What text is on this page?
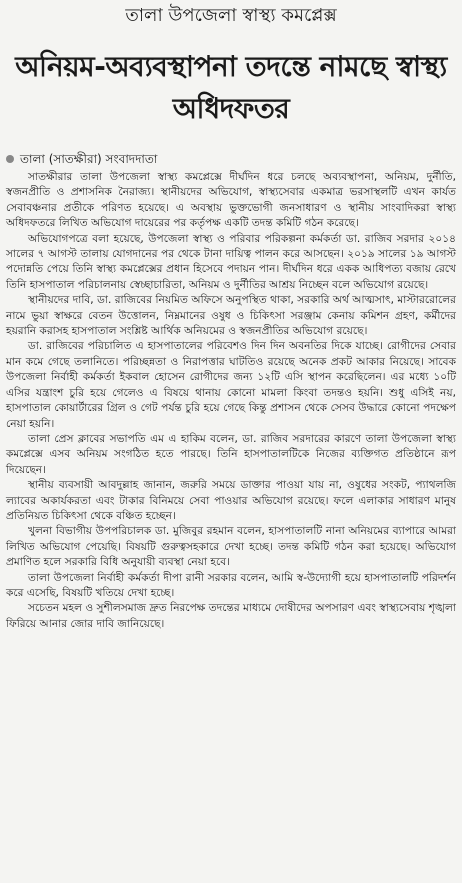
তালা উপজেলা স্বাস্থ্য কমপ্লেক্স
অনিয়ম-অব্যবস্থাপনা তদন্তে নামছে স্বাস্থ্য অধিদফতর
তালা (সাতক্ষীরা) সংবাদদাতা

সাতক্ষীরার তালা উপজেলা স্বাস্থ্য কমপ্লেক্সে দীর্ঘদিন ধরে চলছে অব্যবস্থাপনা, অনিয়ম, দুর্নীতি, স্বজনপ্রীতি ও প্রশাসনিক নৈরাজ্য। স্থানীয়দের অভিযোগ, স্বাস্থ্যসেবার একমাত্র ভরসাস্থলটি এখন কার্যত সেবাবঞ্চনার প্রতীকে পরিণত হয়েছে। এ অবস্থায় ভুক্তভোগী জনসাধারণ ও স্থানীয় সাংবাদিকরা স্বাস্থ্য অধিদফতরে লিখিত অভিযোগ দায়েরের পর কর্তৃপক্ষ একটি তদন্ত কমিটি গঠন করেছে।

অভিযোগপত্রে বলা হয়েছে, উপজেলা স্বাস্থ্য ও পরিবার পরিকল্পনা কর্মকর্তা ডা. রাজিব সরদার ২০১৪ সালের ৭ আগস্ট তালায় যোগদানের পর থেকে টানা দায়িত্ব পালন করে আসছেন। ২০১৯ সালের ১৯ আগস্ট পদোন্নতি পেয়ে তিনি স্বাস্থ্য কমপ্লেক্সের প্রধান হিসেবে পদায়ন পান। দীর্ঘদিন ধরে একক আধিপত্য বজায় রেখে তিনি হাসপাতাল পরিচালনায় স্বেচ্ছাচারিতা, অনিয়ম ও দুর্নীতির আশ্রয় নিচ্ছেন বলে অভিযোগ রয়েছে।

স্থানীয়দের দাবি, ডা. রাজিবের নিয়মিত অফিসে অনুপস্থিত থাকা, সরকারি অর্থ আত্মসাৎ, মাস্টাররোলের নামে ভুয়া স্বাক্ষরে বেতন উত্তোলন, নিম্নমানের ওষুধ ও চিকিৎসা সরঞ্জাম কেনায় কমিশন গ্রহণ, কর্মীদের হয়রানি করাসহ হাসপাতাল সংশ্লিষ্ট আর্থিক অনিয়মের ও স্বজনপ্রীতির অভিযোগ রয়েছে।

ডা. রাজিবের পরিচালিত এ হাসপাতালের পরিবেশও দিন দিন অবনতির দিকে যাচ্ছে। রোগীদের সেবার মান কমে গেছে তলানিতে। পরিচ্ছন্নতা ও নিরাপত্তার ঘাটতিও রয়েছে অনেক প্রকট আকার নিয়েছে। সাবেক উপজেলা নির্বাহী কর্মকর্তা ইকবাল হোসেন রোগীদের জন্য ১২টি এসি স্থাপন করেছিলেন। এর মধ্যে ১০টি এসির যন্ত্রাংশ চুরি হয়ে গেলেও এ বিষয়ে থানায় কোনো মামলা কিংবা তদন্তও হয়নি। শুধু এসিই নয়, হাসপাতাল কোয়ার্টারের গ্রিল ও গেট পর্যন্ত চুরি হয়ে গেছে কিন্তু প্রশাসন থেকে সেসব উদ্ধারে কোনো পদক্ষেপ নেয়া হয়নি।

তালা প্রেস ক্লাবের সভাপতি এম এ হাকিম বলেন, ডা. রাজিব সরদারের কারণে তালা উপজেলা স্বাস্থ্য কমপ্লেক্সে এসব অনিয়ম সংগঠিত হতে পারছে। তিনি হাসপাতালটিকে নিজের ব্যক্তিগত প্রতিষ্ঠানে রূপ দিয়েছেন।

স্থানীয় ব্যবসায়ী আবদুল্লাহ জানান, জরুরি সময়ে ডাক্তার পাওয়া যায় না, ওষুধের সংকট, প্যাথলজি ল্যাবের অকার্যকরতা এবং টাকার বিনিময়ে সেবা পাওয়ার অভিযোগ রয়েছে। ফলে এলাকার সাধারণ মানুষ প্রতিনিয়ত চিকিৎসা থেকে বঞ্চিত হচ্ছেন।

খুলনা বিভাগীয় উপপরিচালক ডা. মুজিবুর রহমান বলেন, হাসপাতালটি নানা অনিয়মের ব্যাপারে আমরা লিখিত অভিযোগ পেয়েছি। বিষয়টি গুরুত্বসহকারে দেখা হচ্ছে। তদন্ত কমিটি গঠন করা হয়েছে। অভিযোগ প্রমাণিত হলে সরকারি বিধি অনুযায়ী ব্যবস্থা নেয়া হবে।

তালা উপজেলা নির্বাহী কর্মকর্তা দীপা রানী সরকার বলেন, আমি স্ব-উদ্যোগী হয়ে হাসপাতালটি পরিদর্শন করে এসেছি, বিষয়টি খতিয়ে দেখা হচ্ছে।

সচেতন মহল ও সুশীলসমাজ দ্রুত নিরপেক্ষ তদন্তের মাধ্যমে দোষীদের অপসারণ এবং স্বাস্থ্যসেবায় শৃঙ্খলা ফিরিয়ে আনার জোর দাবি জানিয়েছে।
